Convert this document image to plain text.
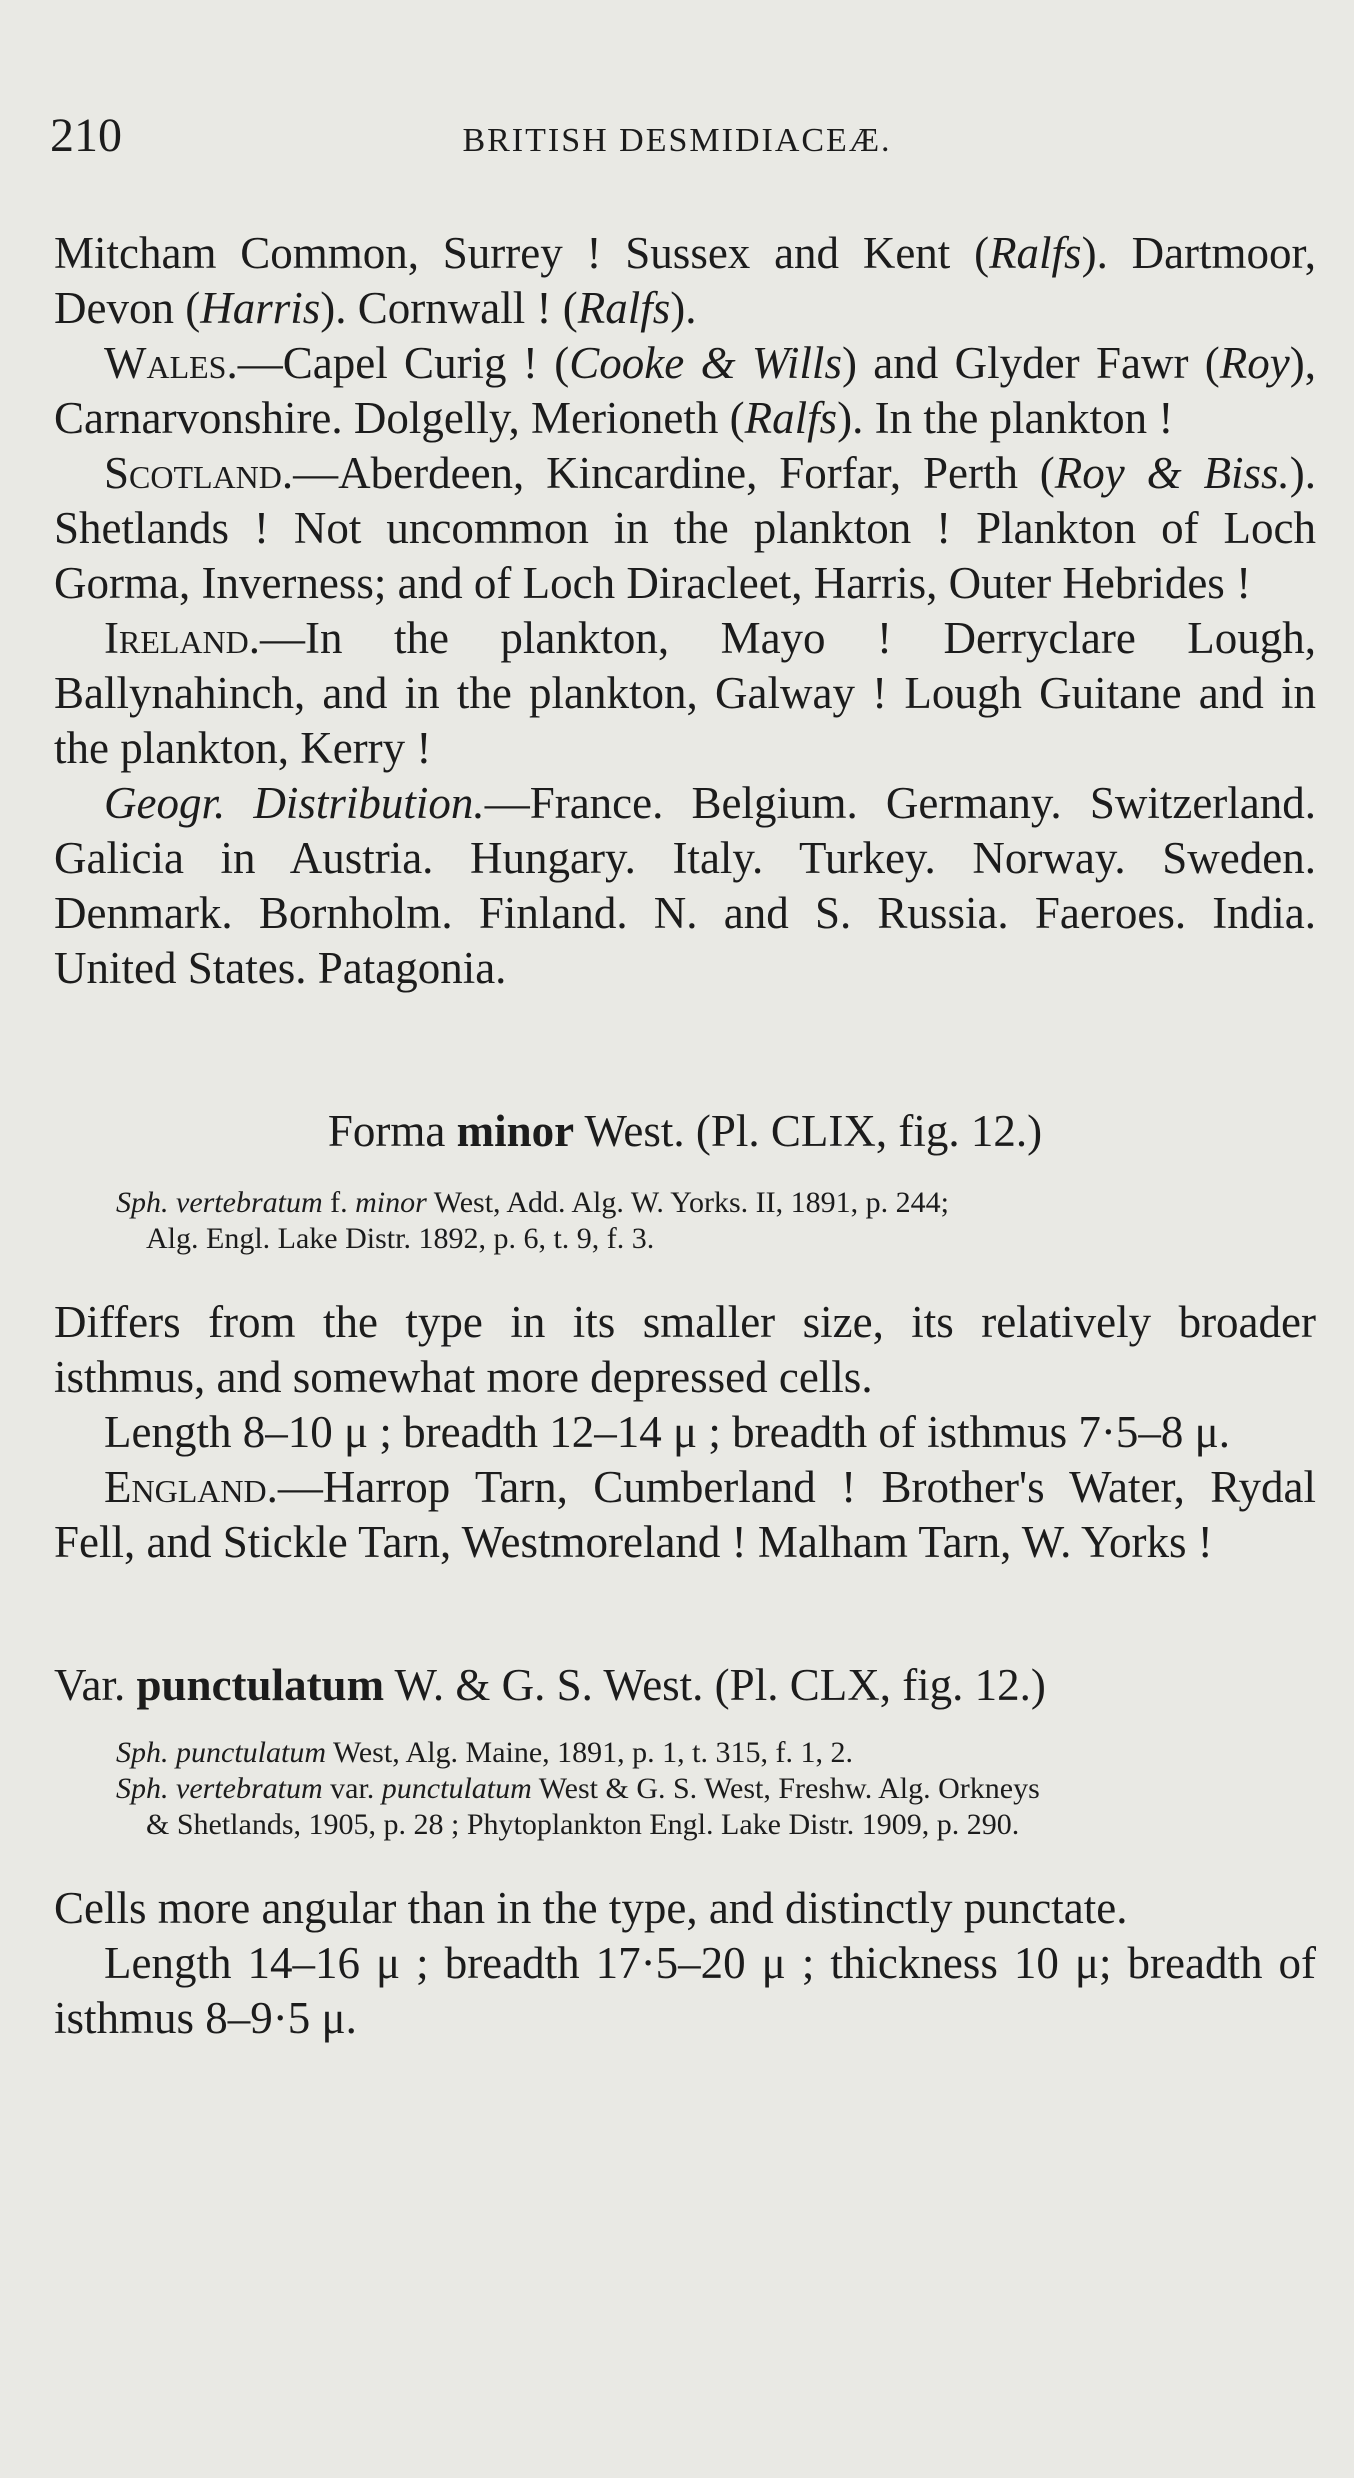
210	BRITISH DESMIDIACEÆ.

Mitcham Common, Surrey ! Sussex and Kent (Ralfs). Dartmoor, Devon (Harris). Cornwall ! (Ralfs).

Wales.—Capel Curig ! (Cooke & Wills) and Glyder Fawr (Roy), Carnarvonshire. Dolgelly, Merioneth (Ralfs). In the plankton !

Scotland.—Aberdeen, Kincardine, Forfar, Perth (Roy & Biss.). Shetlands ! Not uncommon in the plankton ! Plankton of Loch Gorma, Inverness; and of Loch Diracleet, Harris, Outer Hebrides !

Ireland.—In the plankton, Mayo ! Derryclare Lough, Ballynahinch, and in the plankton, Galway ! Lough Guitane and in the plankton, Kerry !

Geogr. Distribution.—France. Belgium. Germany. Switzerland. Galicia in Austria. Hungary. Italy. Turkey. Norway. Sweden. Denmark. Bornholm. Finland. N. and S. Russia. Faeroes. India. United States. Patagonia.

Forma minor West. (Pl. CLIX, fig. 12.)

Sph. vertebratum f. minor West, Add. Alg. W. Yorks. II, 1891, p. 244;
Alg. Engl. Lake Distr. 1892, p. 6, t. 9, f. 3.

Differs from the type in its smaller size, its relatively broader isthmus, and somewhat more depressed cells.

Length 8–10 μ ; breadth 12–14 μ ; breadth of isthmus 7·5–8 μ.

England.—Harrop Tarn, Cumberland ! Brother's Water, Rydal Fell, and Stickle Tarn, Westmoreland ! Malham Tarn, W. Yorks !

Var. punctulatum W. & G. S. West. (Pl. CLX, fig. 12.)

Sph. punctulatum West, Alg. Maine, 1891, p. 1, t. 315, f. 1, 2.

Sph. vertebratum var. punctulatum West & G. S. West, Freshw. Alg. Orkneys
& Shetlands, 1905, p. 28 ; Phytoplankton Engl. Lake Distr. 1909, p. 290.

Cells more angular than in the type, and distinctly punctate.

Length 14–16 μ ; breadth 17·5–20 μ ; thickness 10 μ; breadth of isthmus 8–9·5 μ.
